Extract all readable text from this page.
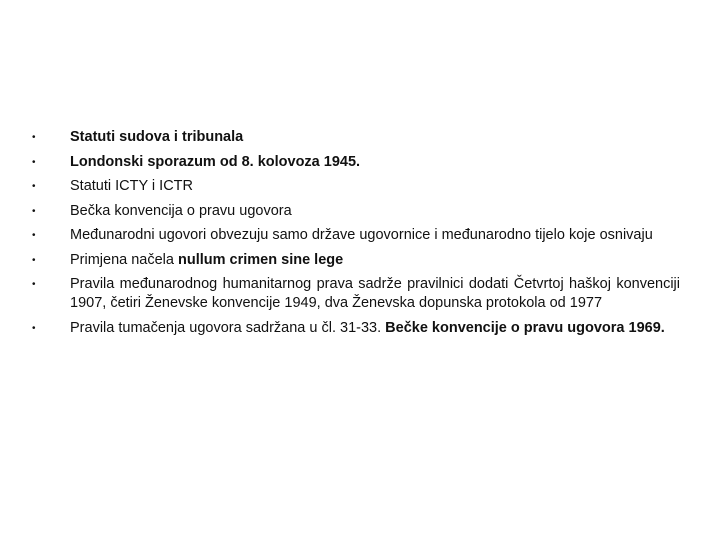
•	Statuti sudova i tribunala
•	Londonski sporazum od 8. kolovoza 1945.
•	Statuti ICTY i ICTR
•	Bečka konvencija o pravu ugovora
•	Međunarodni ugovori obvezuju samo države ugovornice i međunarodno tijelo koje osnivaju
•	Primjena načela nullum crimen sine lege
•	Pravila međunarodnog humanitarnog prava sadrže pravilnici dodati Četvrtoj haškoj konvenciji 1907, četiri Ženevske konvencije 1949, dva Ženevska dopunska protokola od 1977
•	Pravila tumačenja ugovora sadržana u čl. 31-33. Bečke konvencije o pravu ugovora 1969.
